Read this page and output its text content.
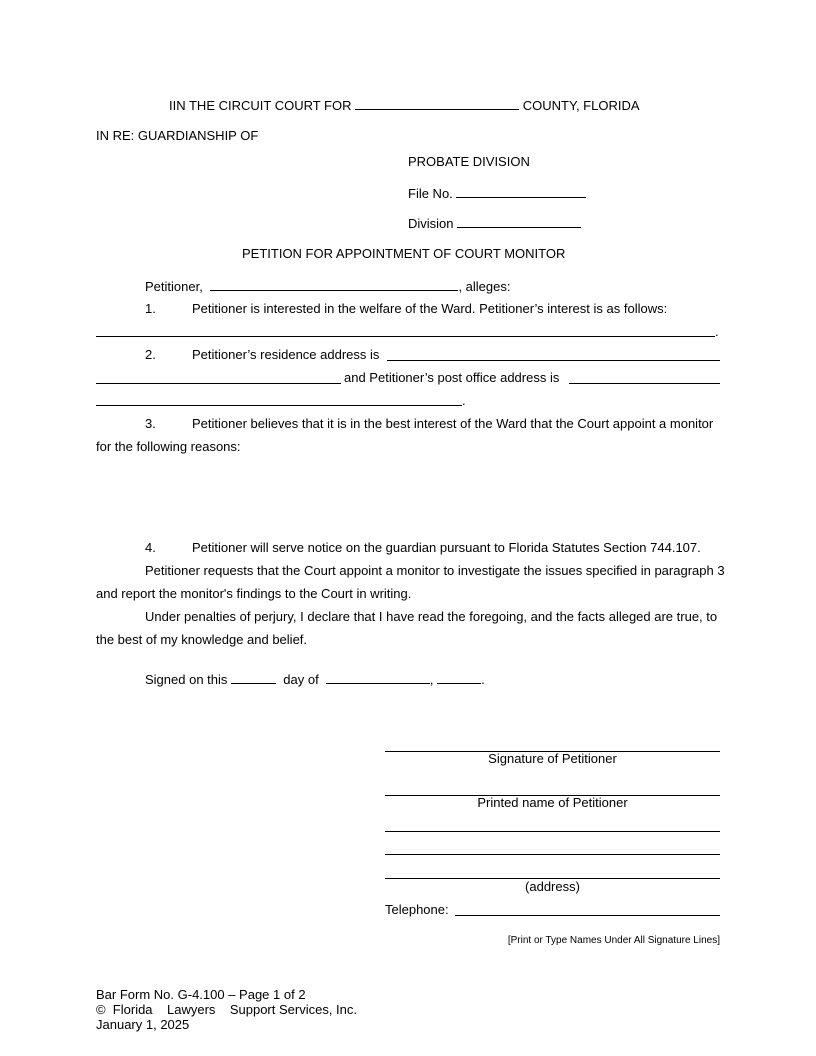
IIN THE CIRCUIT COURT FOR	COUNTY, FLORIDA
IN RE: GUARDIANSHIP OF
PROBATE DIVISION
File No.
Division
PETITION FOR APPOINTMENT OF COURT MONITOR
Petitioner,	, alleges:
1.	Petitioner is interested in the welfare of the Ward. Petitioner’s interest is as follows:
.
2.	Petitioner’s residence address is
and Petitioner’s post office address is
.
3.	Petitioner believes that it is in the best interest of the Ward that the Court appoint a monitor
for the following reasons:
4.	Petitioner will serve notice on the guardian pursuant to Florida Statutes Section 744.107.
Petitioner requests that the Court appoint a monitor to investigate the issues specified in paragraph 3
and report the monitor's findings to the Court in writing.
Under penalties of perjury, I declare that I have read the foregoing, and the facts alleged are true, to
the best of my knowledge and belief.
Signed on this	day of	,	.
Signature of Petitioner
Printed name of Petitioner
(address)
Telephone:
[Print or Type Names Under All Signature Lines]
Bar Form No. G-4.100 – Page 1 of 2
©  Florida    Lawyers    Support Services, Inc.
January 1, 2025
